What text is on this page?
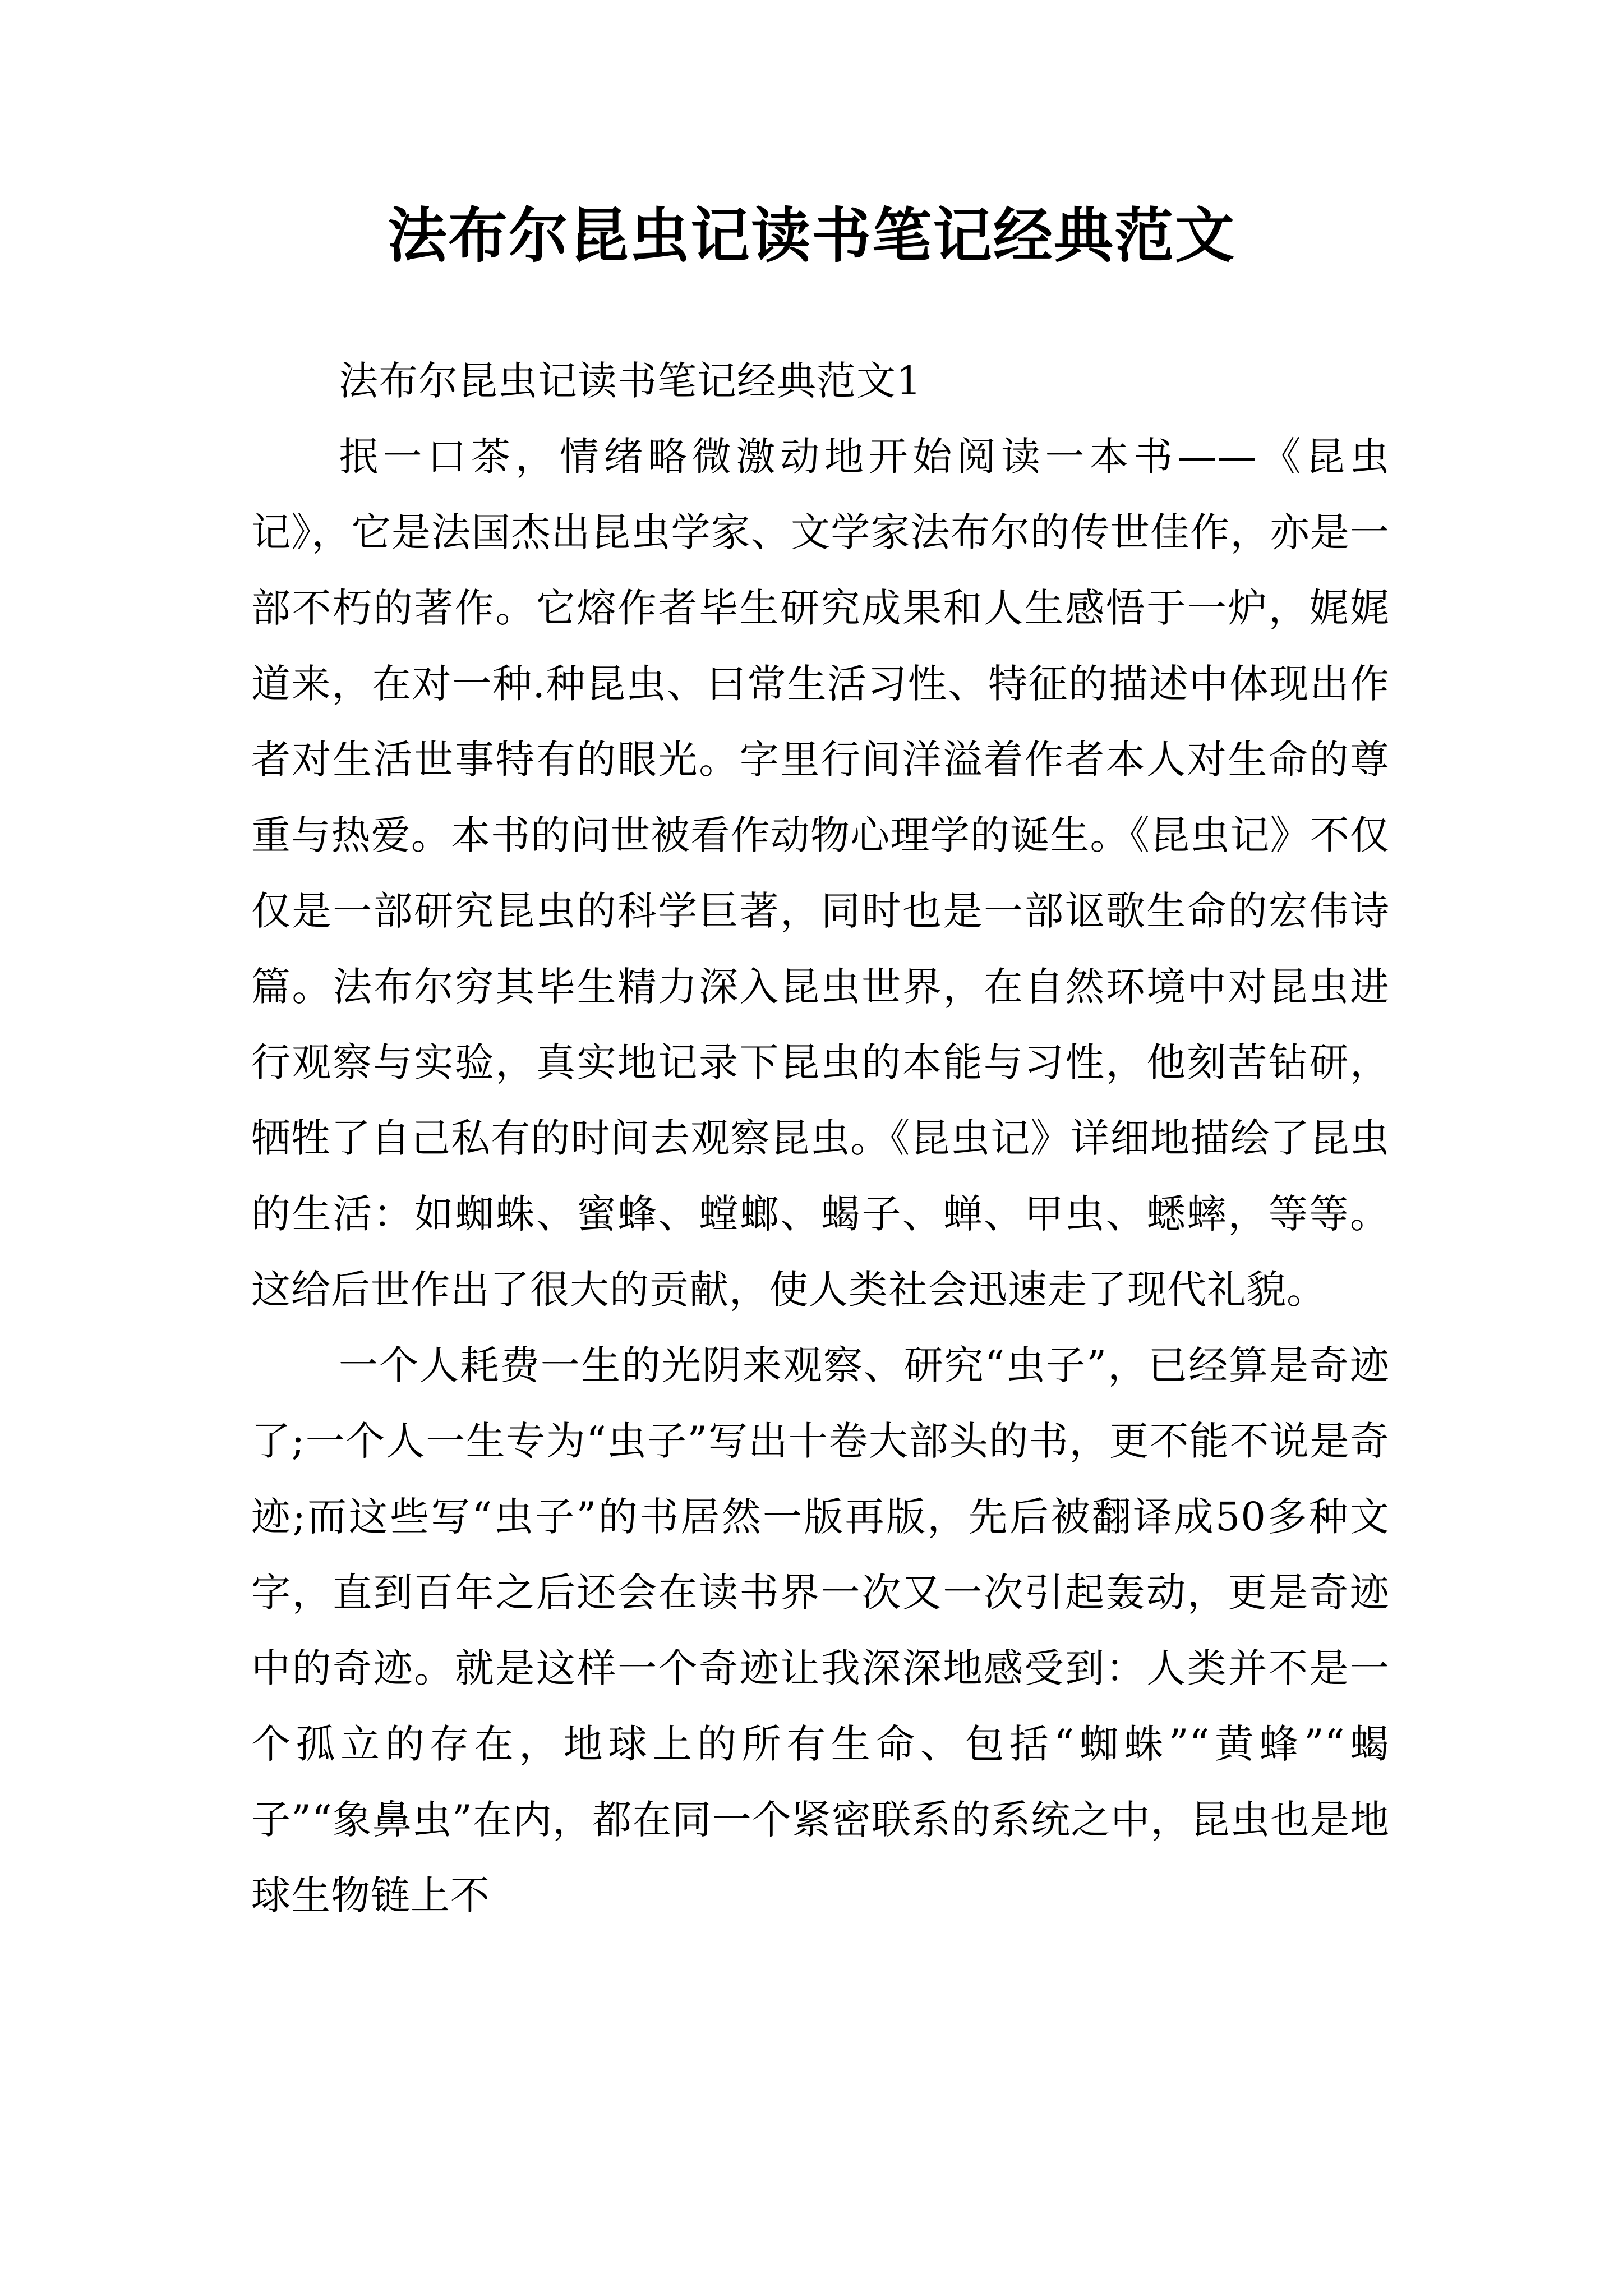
法布尔昆虫记读书笔记经典范文

法布尔昆虫记读书笔记经典范文1

抿一口茶，情绪略微激动地开始阅读一本书——《昆虫记》，它是法国杰出昆虫学家、文学家法布尔的传世佳作，亦是一部不朽的著作。它熔作者毕生研究成果和人生感悟于一炉，娓娓道来，在对一种.种昆虫、曰常生活习性、特征的描述中体现出作者对生活世事特有的眼光。字里行间洋溢着作者本人对生命的尊重与热爱。本书的问世被看作动物心理学的诞生。《昆虫记》不仅仅是一部研究昆虫的科学巨著，同时也是一部讴歌生命的宏伟诗篇。法布尔穷其毕生精力深入昆虫世界，在自然环境中对昆虫进行观察与实验，真实地记录下昆虫的本能与习性，他刻苦钻研，牺牲了自己私有的时间去观察昆虫。《昆虫记》详细地描绘了昆虫的生活：如蜘蛛、蜜蜂、螳螂、蝎子、蝉、甲虫、蟋蟀，等等。这给后世作出了很大的贡献，使人类社会迅速走了现代礼貌。

一个人耗费一生的光阴来观察、研究“虫子”，已经算是奇迹了;一个人一生专为“虫子”写出十卷大部头的书，更不能不说是奇迹;而这些写“虫子”的书居然一版再版，先后被翻译成50多种文字，直到百年之后还会在读书界一次又一次引起轰动，更是奇迹中的奇迹。就是这样一个奇迹让我深深地感受到：人类并不是一个孤立的存在，地球上的所有生命、包括“蜘蛛”“黄蜂”“蝎子”“象鼻虫”在内，都在同一个紧密联系的系统之中，昆虫也是地球生物链上不
